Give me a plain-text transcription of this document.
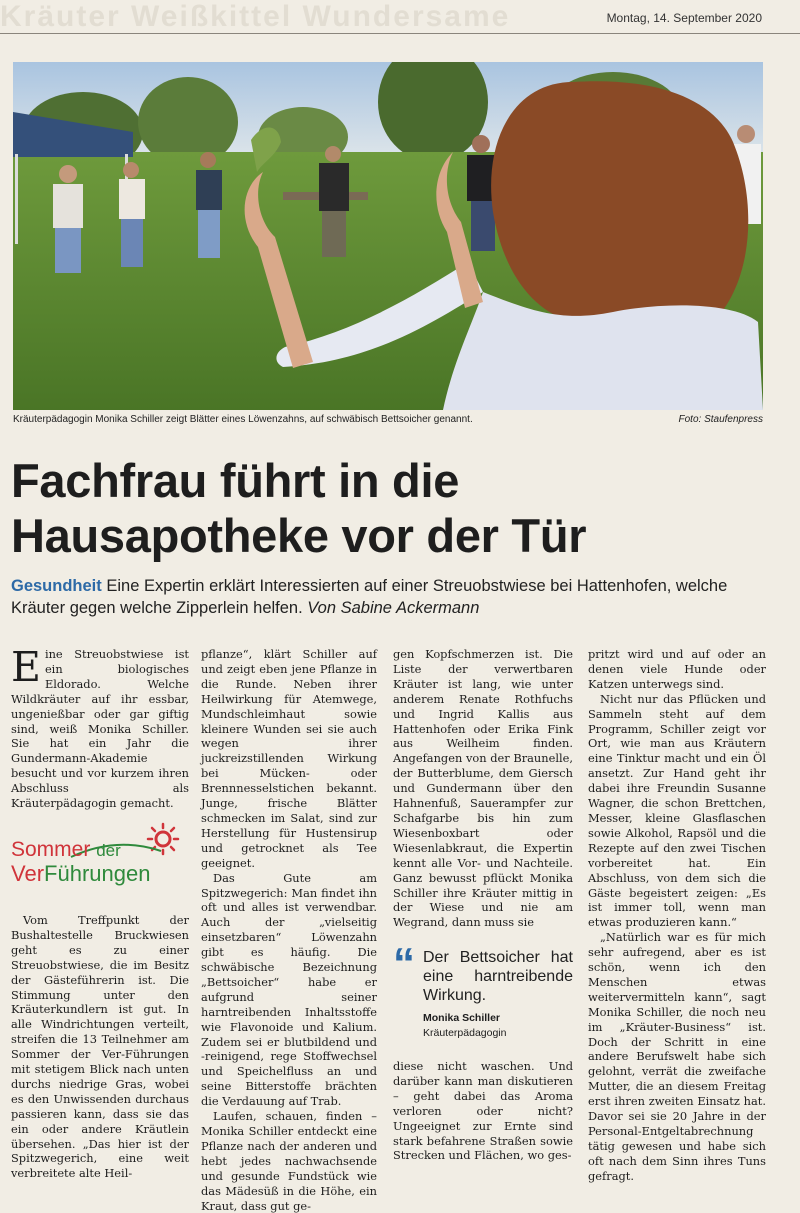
Kräuter Weißkittel Wundersame	Montag, 14. September 2020
Kräuterpädagogin Monika Schiller zeigt Blätter eines Löwenzahns, auf schwäbisch Bettsoicher genannt.	Foto: Staufenpress
Fachfrau führt in die
Hausapotheke vor der Tür
Gesundheit Eine Expertin erklärt Interessierten auf einer Streuobstwiese bei Hattenhofen, welche Kräuter gegen welche Zipperlein helfen. Von Sabine Ackermann

Eine Streuobstwiese ist ein biologisches Eldorado. Welche Wildkräuter auf ihr essbar, ungenießbar oder gar giftig sind, weiß Monika Schiller. Sie hat ein Jahr die Gundermann-Akademie besucht und vor kurzem ihren Abschluss als Kräuterpädagogin gemacht.

Sommer der
VerFührungen

Vom Treffpunkt der Bushaltestelle Bruckwiesen geht es zu einer Streuobstwiese, die im Besitz der Gästeführerin ist. Die Stimmung unter den Kräuterkundlern ist gut. In alle Windrichtungen verteilt, streifen die 13 Teilnehmer am Sommer der Ver-Führungen mit stetigem Blick nach unten durchs niedrige Gras, wobei es den Unwissenden durchaus passieren kann, dass sie das ein oder andere Kräutlein übersehen. „Das hier ist der Spitzwegerich, eine weit verbreitete alte Heil-

pflanze“, klärt Schiller auf und zeigt eben jene Pflanze in die Runde. Neben ihrer Heilwirkung für Atemwege, Mundschleimhaut sowie kleinere Wunden sei sie auch wegen ihrer juckreizstillenden Wirkung bei Mücken- oder Brennnesselstichen bekannt. Junge, frische Blätter schmecken im Salat, sind zur Herstellung für Hustensirup und getrocknet als Tee geeignet.

Das Gute am Spitzwegerich: Man findet ihn oft und alles ist verwendbar. Auch der „vielseitig einsetzbaren“ Löwenzahn gibt es häufig. Die schwäbische Bezeichnung „Bettsoicher“ habe er aufgrund seiner harntreibenden Inhaltsstoffe wie Flavonoide und Kalium. Zudem sei er blutbildend und -reinigend, rege Stoffwechsel und Speichelfluss an und seine Bitterstoffe brächten die Verdauung auf Trab.

Laufen, schauen, finden – Monika Schiller entdeckt eine Pflanze nach der anderen und hebt jedes nachwachsende und gesunde Fundstück wie das Mädesüß in die Höhe, ein Kraut, dass gut ge-

gen Kopfschmerzen ist. Die Liste der verwertbaren Kräuter ist lang, wie unter anderem Renate Rothfuchs und Ingrid Kallis aus Hattenhofen oder Erika Fink aus Weilheim finden. Angefangen von der Braunelle, der Butterblume, dem Giersch und Gundermann über den Hahnenfuß, Sauerampfer zur Schafgarbe bis hin zum Wiesenboxbart oder Wiesenlabkraut, die Expertin kennt alle Vor- und Nachteile. Ganz bewusst pflückt Monika Schiller ihre Kräuter mittig in der Wiese und nie am Wegrand, dann muss sie

“ Der Bettsoicher hat eine harntreibende Wirkung.
Monika Schiller
Kräuterpädagogin

diese nicht waschen. Und darüber kann man diskutieren – geht dabei das Aroma verloren oder nicht? Ungeeignet zur Ernte sind stark befahrene Straßen sowie Strecken und Flächen, wo ges-

pritzt wird und auf oder an denen viele Hunde oder Katzen unterwegs sind.

Nicht nur das Pflücken und Sammeln steht auf dem Programm, Schiller zeigt vor Ort, wie man aus Kräutern eine Tinktur macht und ein Öl ansetzt. Zur Hand geht ihr dabei ihre Freundin Susanne Wagner, die schon Brettchen, Messer, kleine Glasflaschen sowie Alkohol, Rapsöl und die Rezepte auf den zwei Tischen vorbereitet hat. Ein Abschluss, von dem sich die Gäste begeistert zeigen: „Es ist immer toll, wenn man etwas produzieren kann.“

„Natürlich war es für mich sehr aufregend, aber es ist schön, wenn ich den Menschen etwas weitervermitteln kann“, sagt Monika Schiller, die noch neu im „Kräuter-Business“ ist. Doch der Schritt in eine andere Berufswelt habe sich gelohnt, verrät die zweifache Mutter, die an diesem Freitag erst ihren zweiten Einsatz hat. Davor sei sie 20 Jahre in der Personal-Entgeltabrechnung tätig gewesen und habe sich oft nach dem Sinn ihres Tuns gefragt.
